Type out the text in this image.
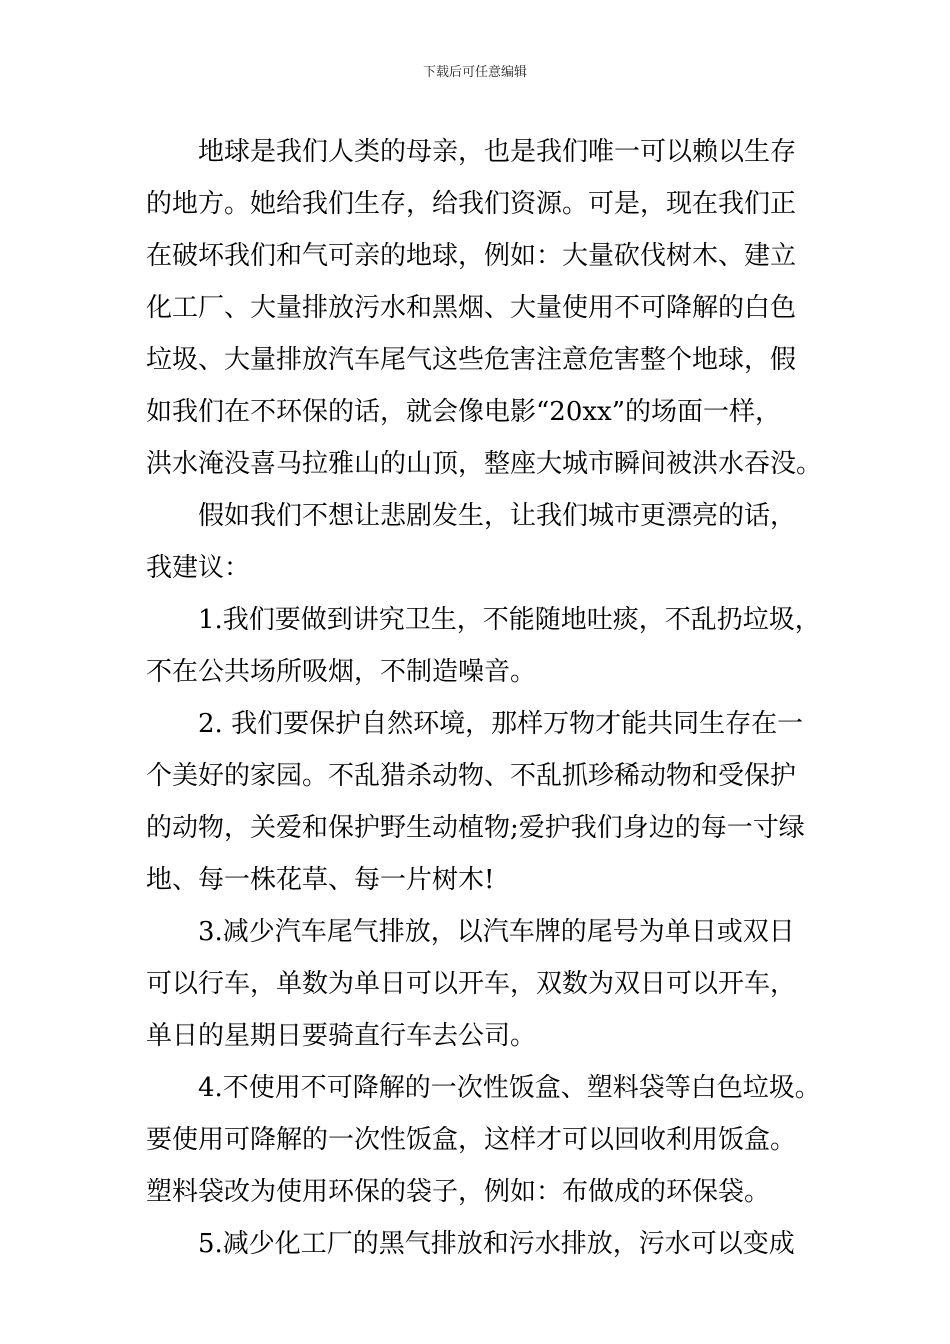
下载后可任意编辑
地球是我们人类的母亲，也是我们唯一可以赖以生存
的地方。她给我们生存，给我们资源。可是，现在我们正
在破坏我们和气可亲的地球，例如：大量砍伐树木、建立
化工厂、大量排放污水和黑烟、大量使用不可降解的白色
垃圾、大量排放汽车尾气这些危害注意危害整个地球，假
如我们在不环保的话，就会像电影“20xx”的场面一样，
洪水淹没喜马拉雅山的山顶，整座大城市瞬间被洪水吞没。
假如我们不想让悲剧发生，让我们城市更漂亮的话，
我建议：
1.我们要做到讲究卫生，不能随地吐痰，不乱扔垃圾，
不在公共场所吸烟，不制造噪音。
2. 我们要保护自然环境，那样万物才能共同生存在一
个美好的家园。不乱猎杀动物、不乱抓珍稀动物和受保护
的动物，关爱和保护野生动植物;爱护我们身边的每一寸绿
地、每一株花草、每一片树木!
3.减少汽车尾气排放，以汽车牌的尾号为单日或双日
可以行车，单数为单日可以开车，双数为双日可以开车，
单日的星期日要骑直行车去公司。
4.不使用不可降解的一次性饭盒、塑料袋等白色垃圾。
要使用可降解的一次性饭盒，这样才可以回收利用饭盒。
塑料袋改为使用环保的袋子，例如：布做成的环保袋。
5.减少化工厂的黑气排放和污水排放，污水可以变成
